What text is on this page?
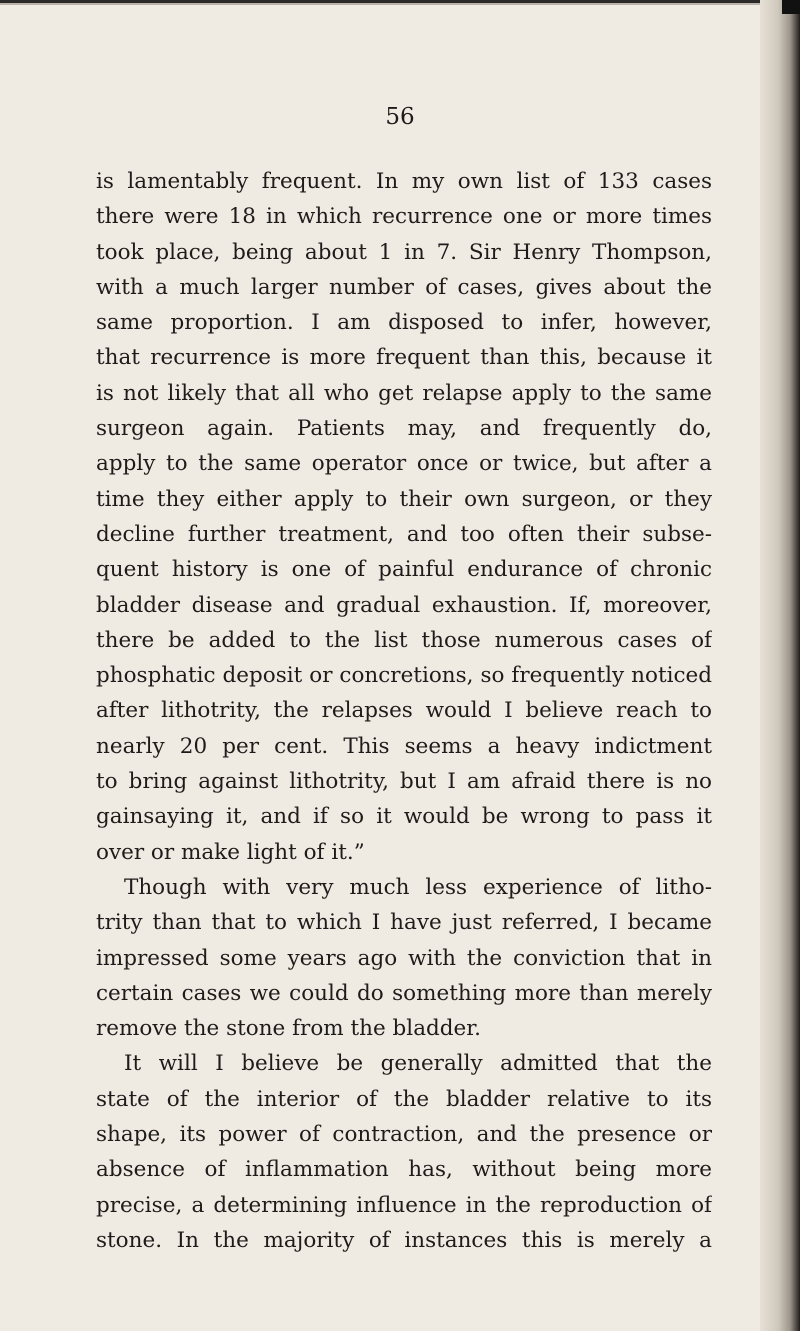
56
is lamentably frequent. In my own list of 133 cases
there were 18 in which recurrence one or more times
took place, being about 1 in 7. Sir Henry Thompson,
with a much larger number of cases, gives about the
same proportion. I am disposed to infer, however,
that recurrence is more frequent than this, because it
is not likely that all who get relapse apply to the same
surgeon again. Patients may, and frequently do,
apply to the same operator once or twice, but after a
time they either apply to their own surgeon, or they
decline further treatment, and too often their subse-
quent history is one of painful endurance of chronic
bladder disease and gradual exhaustion. If, moreover,
there be added to the list those numerous cases of
phosphatic deposit or concretions, so frequently noticed
after lithotrity, the relapses would I believe reach to
nearly 20 per cent. This seems a heavy indictment
to bring against lithotrity, but I am afraid there is no
gainsaying it, and if so it would be wrong to pass it
over or make light of it.”
Though with very much less experience of litho-
trity than that to which I have just referred, I became
impressed some years ago with the conviction that in
certain cases we could do something more than merely
remove the stone from the bladder.
It will I believe be generally admitted that the
state of the interior of the bladder relative to its
shape, its power of contraction, and the presence or
absence of inflammation has, without being more
precise, a determining influence in the reproduction of
stone. In the majority of instances this is merely a
